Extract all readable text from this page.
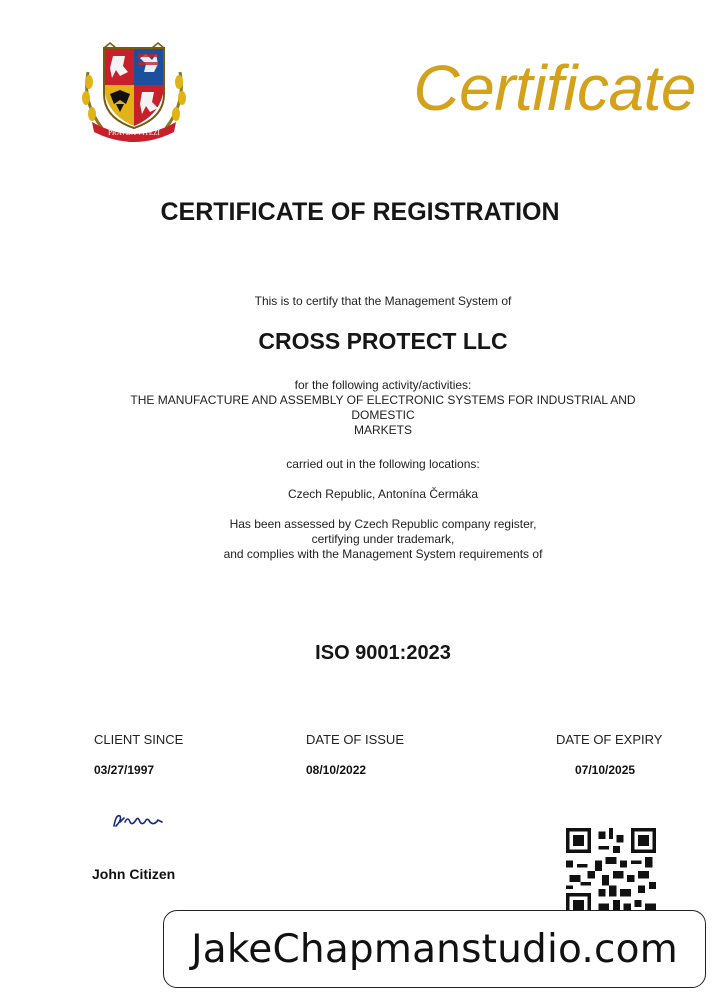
PRAVDA VÍTĚZÍ
Certificate
CERTIFICATE OF REGISTRATION
This is to certify that the Management System of
CROSS PROTECT LLC
for the following activity/activities:
THE MANUFACTURE AND ASSEMBLY OF ELECTRONIC SYSTEMS FOR INDUSTRIAL AND
DOMESTIC
MARKETS
carried out in the following locations:
Czech Republic, Antonína Čermáka
Has been assessed by Czech Republic company register,
certifying under trademark,
and complies with the Management System requirements of
ISO 9001:2023
CLIENT SINCE
03/27/1997
DATE OF ISSUE
08/10/2022
DATE OF EXPIRY
07/10/2025
John Citizen
JakeChapmanstudio.com
